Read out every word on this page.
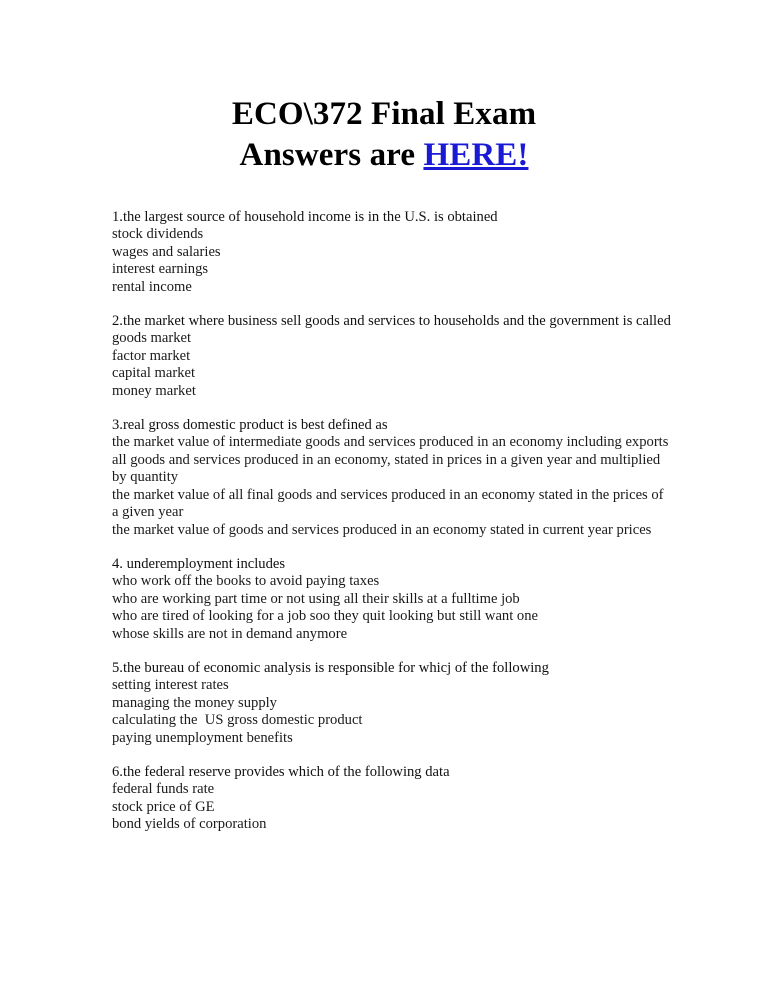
ECO\372 Final Exam
Answers are HERE!

1.the largest source of household income is in the U.S. is obtained

stock dividends

wages and salaries

interest earnings

rental income

2.the market where business sell goods and services to households and the government is called

goods market

factor market

capital market

money market

3.real gross domestic product is best defined as

the market value of intermediate goods and services produced in an economy including exports

all goods and services produced in an economy, stated in prices in a given year and multiplied by quantity

the market value of all final goods and services produced in an economy stated in the prices of a given year

the market value of goods and services produced in an economy stated in current year prices

4. underemployment includes

who work off the books to avoid paying taxes

who are working part time or not using all their skills at a fulltime job

who are tired of looking for a job soo they quit looking but still want one

whose skills are not in demand anymore

5.the bureau of economic analysis is responsible for whicj of the following

setting interest rates

managing the money supply

calculating the  US gross domestic product

paying unemployment benefits

6.the federal reserve provides which of the following data

federal funds rate

stock price of GE

bond yields of corporation
